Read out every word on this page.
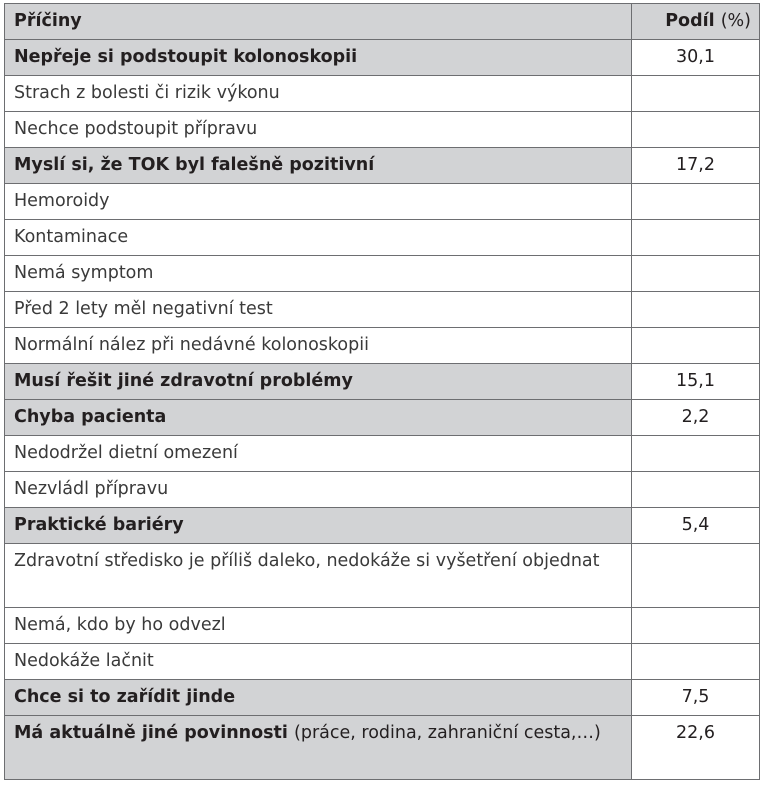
Příčiny	Podíl (%)
Nepřeje si podstoupit kolonoskopii	30,1
Strach z bolesti či rizik výkonu	
Nechce podstoupit přípravu	
Myslí si, že TOK byl falešně pozitivní	17,2
Hemoroidy	
Kontaminace	
Nemá symptom	
Před 2 lety měl negativní test	
Normální nález při nedávné kolonoskopii	
Musí řešit jiné zdravotní problémy	15,1
Chyba pacienta	2,2
Nedodržel dietní omezení	
Nezvládl přípravu	
Praktické bariéry	5,4
Zdravotní středisko je příliš daleko, nedokáže si vyšetření objednat	
Nemá, kdo by ho odvezl	
Nedokáže lačnit	
Chce si to zařídit jinde	7,5
Má aktuálně jiné povinnosti (práce, rodina, zahraniční cesta,…)	22,6
